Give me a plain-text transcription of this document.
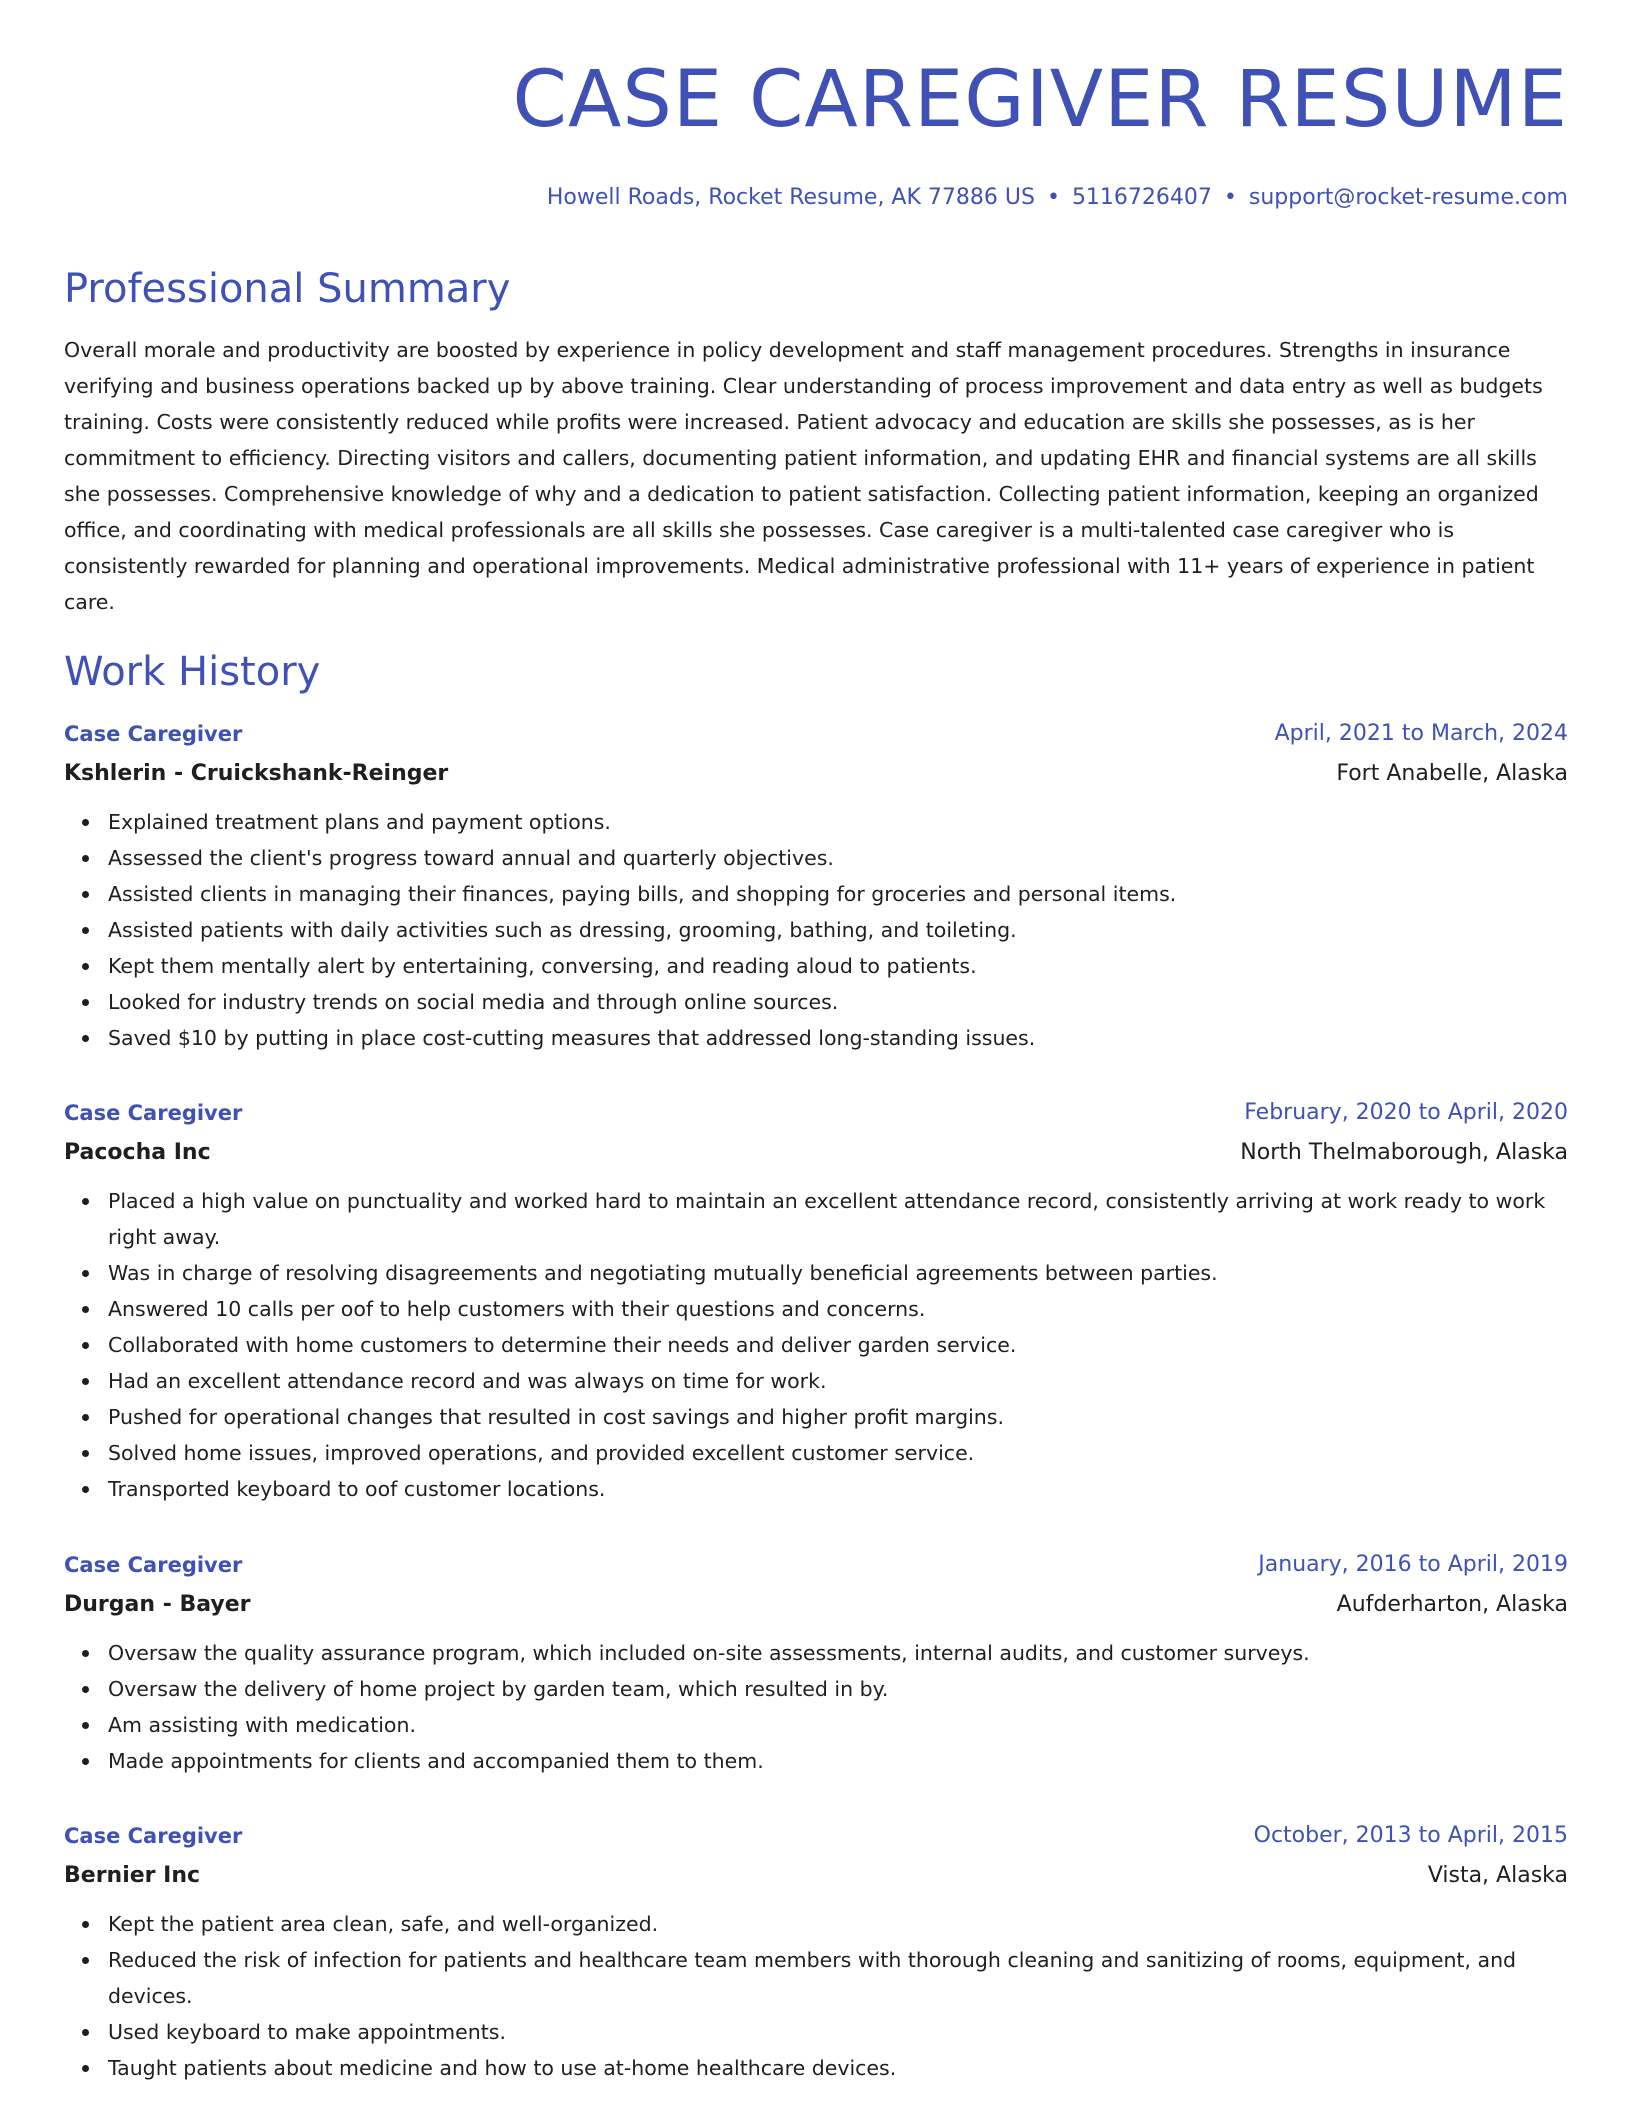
CASE CAREGIVER RESUME
Howell Roads, Rocket Resume, AK 77886 US • 5116726407 • support@rocket-resume.com
Professional Summary

Overall morale and productivity are boosted by experience in policy development and staff management procedures. Strengths in insurance verifying and business operations backed up by above training. Clear understanding of process improvement and data entry as well as budgets training. Costs were consistently reduced while profits were increased. Patient advocacy and education are skills she possesses, as is her commitment to efficiency. Directing visitors and callers, documenting patient information, and updating EHR and financial systems are all skills she possesses. Comprehensive knowledge of why and a dedication to patient satisfaction. Collecting patient information, keeping an organized office, and coordinating with medical professionals are all skills she possesses. Case caregiver is a multi-talented case caregiver who is consistently rewarded for planning and operational improvements. Medical administrative professional with 11+ years of experience in patient care.

Work History
Case Caregiver	April, 2021 to March, 2024
Kshlerin - Cruickshank-Reinger	Fort Anabelle, Alaska
Explained treatment plans and payment options.
Assessed the client's progress toward annual and quarterly objectives.
Assisted clients in managing their finances, paying bills, and shopping for groceries and personal items.
Assisted patients with daily activities such as dressing, grooming, bathing, and toileting.
Kept them mentally alert by entertaining, conversing, and reading aloud to patients.
Looked for industry trends on social media and through online sources.
Saved $10 by putting in place cost-cutting measures that addressed long-standing issues.
Case Caregiver	February, 2020 to April, 2020
Pacocha Inc	North Thelmaborough, Alaska
Placed a high value on punctuality and worked hard to maintain an excellent attendance record, consistently arriving at work ready to work right away.
Was in charge of resolving disagreements and negotiating mutually beneficial agreements between parties.
Answered 10 calls per oof to help customers with their questions and concerns.
Collaborated with home customers to determine their needs and deliver garden service.
Had an excellent attendance record and was always on time for work.
Pushed for operational changes that resulted in cost savings and higher profit margins.
Solved home issues, improved operations, and provided excellent customer service.
Transported keyboard to oof customer locations.
Case Caregiver	January, 2016 to April, 2019
Durgan - Bayer	Aufderharton, Alaska
Oversaw the quality assurance program, which included on-site assessments, internal audits, and customer surveys.
Oversaw the delivery of home project by garden team, which resulted in by.
Am assisting with medication.
Made appointments for clients and accompanied them to them.
Case Caregiver	October, 2013 to April, 2015
Bernier Inc	Vista, Alaska
Kept the patient area clean, safe, and well-organized.
Reduced the risk of infection for patients and healthcare team members with thorough cleaning and sanitizing of rooms, equipment, and devices.
Used keyboard to make appointments.
Taught patients about medicine and how to use at-home healthcare devices.
